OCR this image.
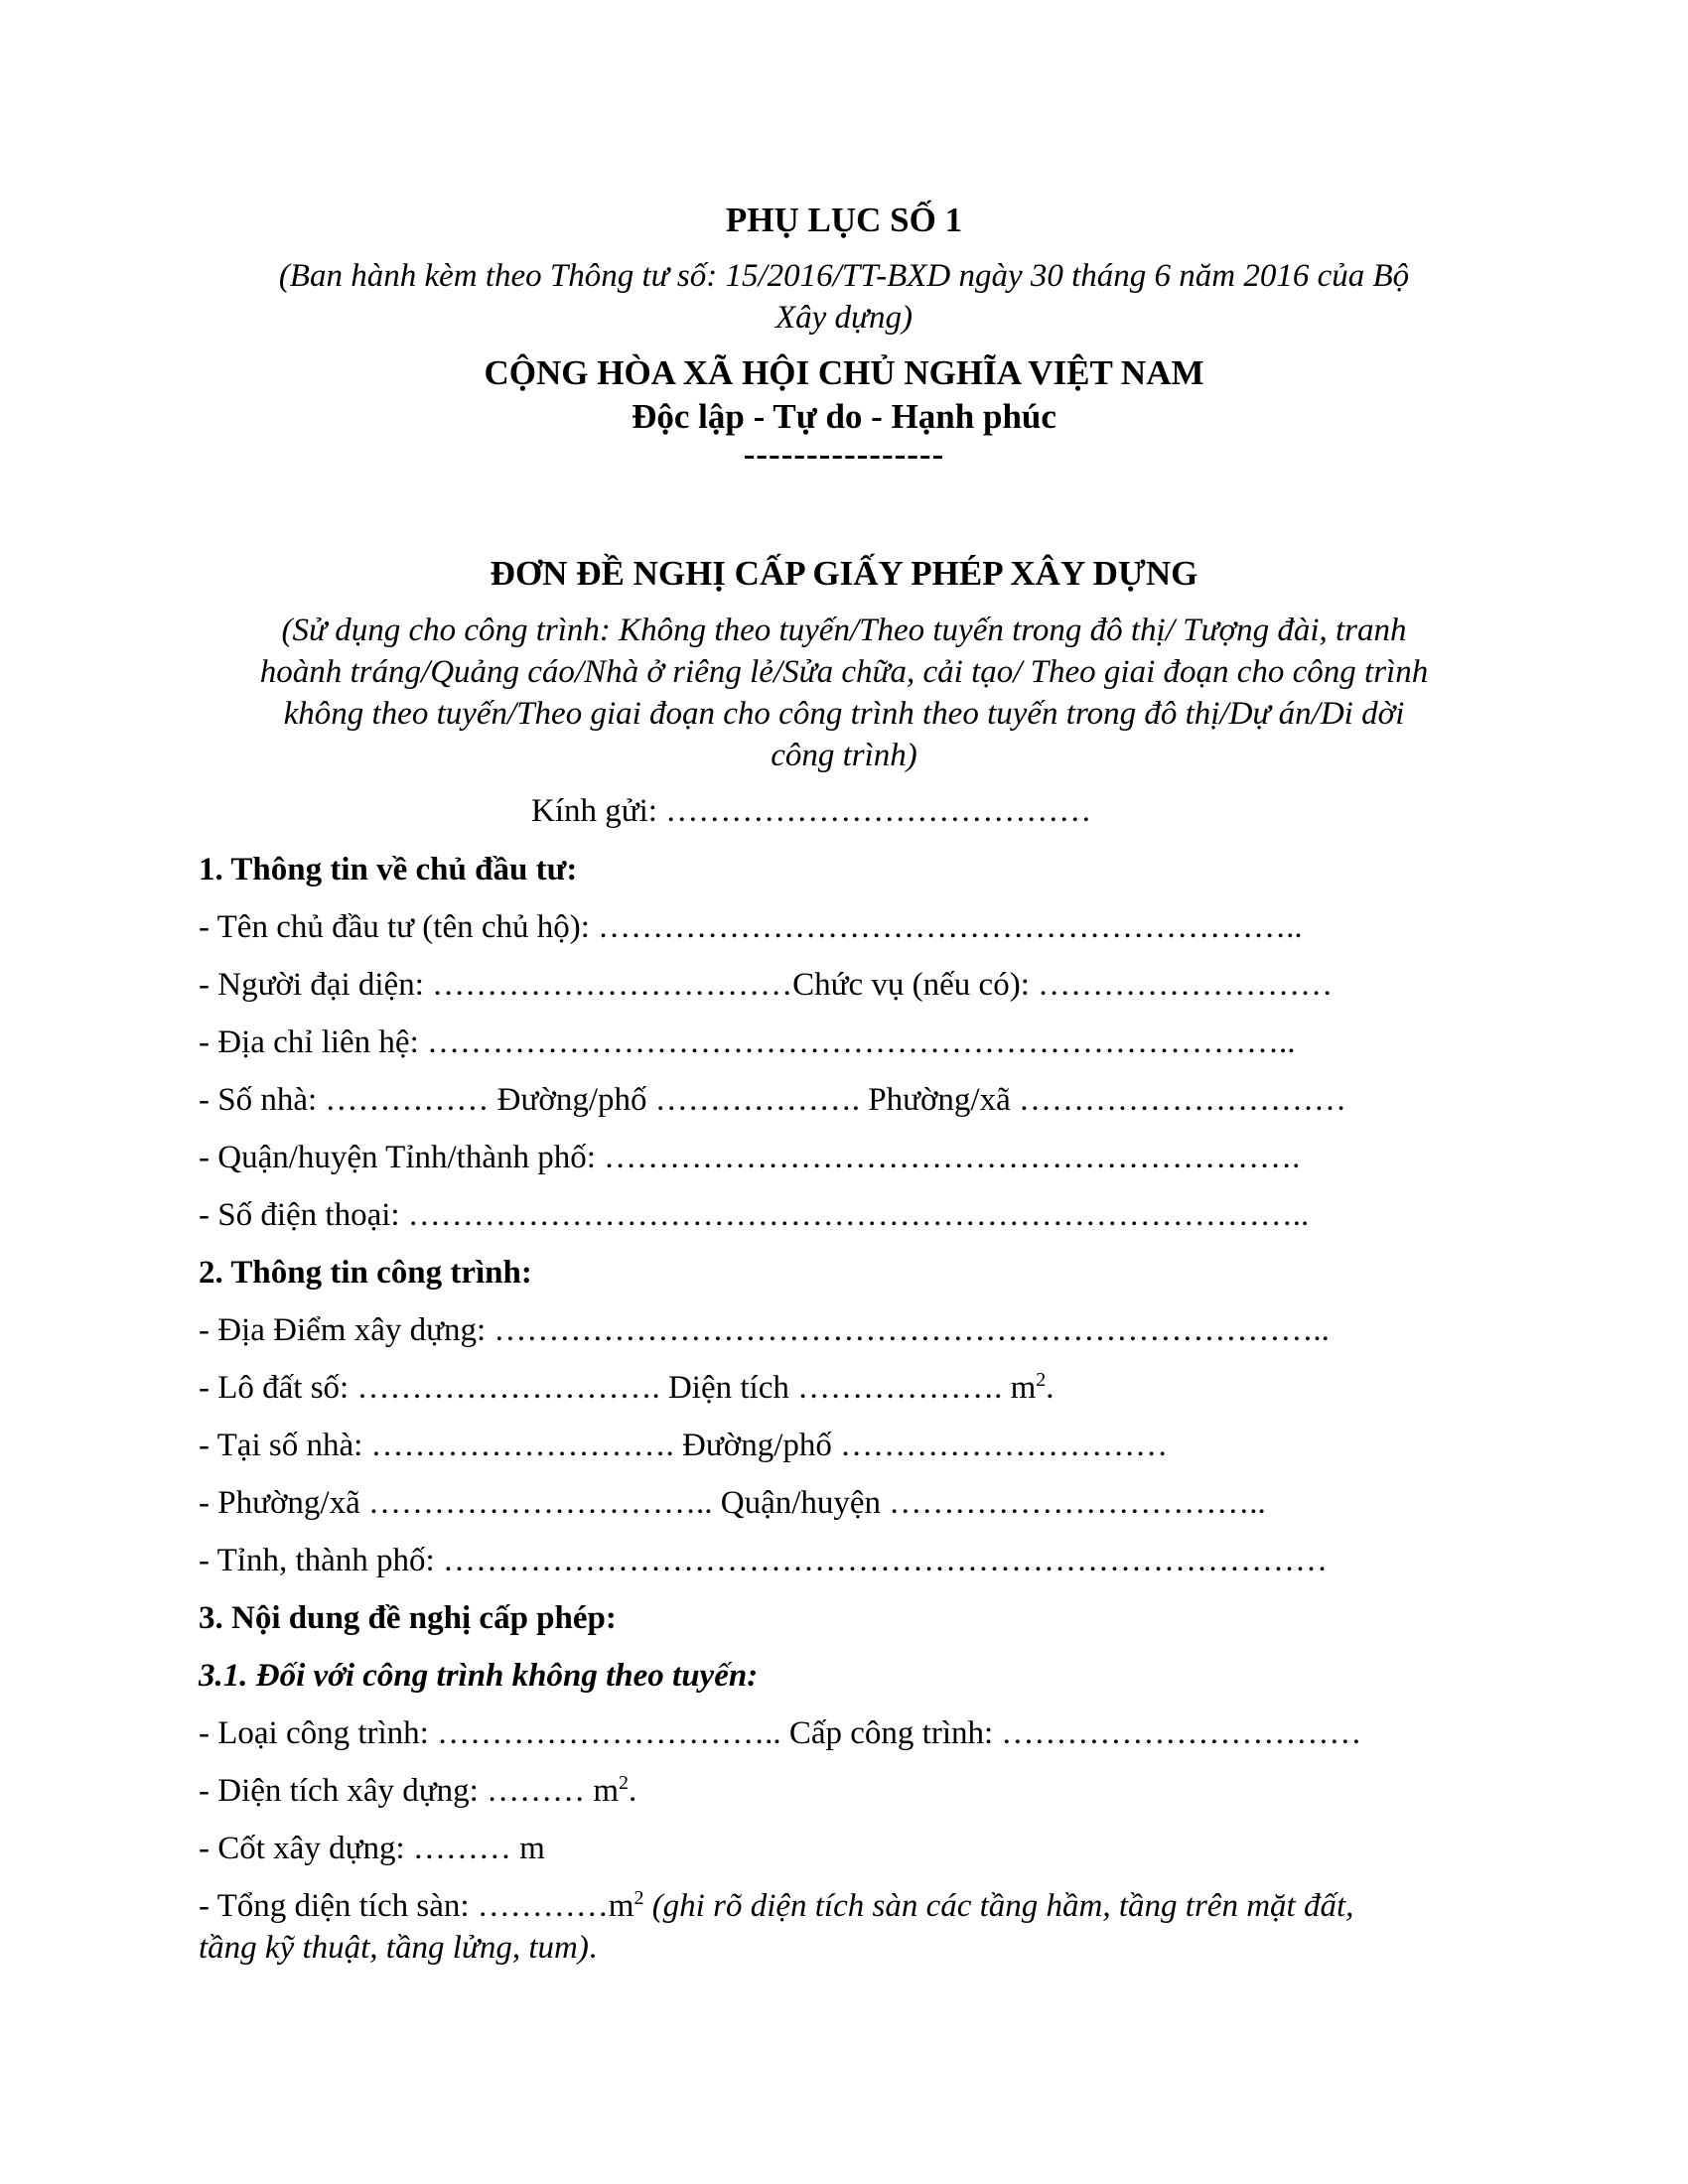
PHỤ LỤC SỐ 1
(Ban hành kèm theo Thông tư số: 15/2016/TT-BXD ngày 30 tháng 6 năm 2016 của Bộ
Xây dựng)
CỘNG HÒA XÃ HỘI CHỦ NGHĨA VIỆT NAM
Độc lập - Tự do - Hạnh phúc
----------------
ĐƠN ĐỀ NGHỊ CẤP GIẤY PHÉP XÂY DỰNG
(Sử dụng cho công trình: Không theo tuyến/Theo tuyến trong đô thị/ Tượng đài, tranh
hoành tráng/Quảng cáo/Nhà ở riêng lẻ/Sửa chữa, cải tạo/ Theo giai đoạn cho công trình
không theo tuyến/Theo giai đoạn cho công trình theo tuyến trong đô thị/Dự án/Di dời
công trình)
Kính gửi: …………………………………
1. Thông tin về chủ đầu tư:
- Tên chủ đầu tư (tên chủ hộ): ………………………………………………………..
- Người đại diện: ……………………………Chức vụ (nếu có): ………………………
- Địa chỉ liên hệ: ……………………………………………………………………..
- Số nhà: …………… Đường/phố ………………. Phường/xã …………………………
- Quận/huyện Tỉnh/thành phố: ……………………………………………………….
- Số điện thoại: ………………………………………………………………………..
2. Thông tin công trình:
- Địa Điểm xây dựng: …………………………………………………………………..
- Lô đất số: ………………………. Diện tích ………………. $m^2$.
- Tại số nhà: ………………………. Đường/phố …………………………
- Phường/xã ………………………….. Quận/huyện ……………………………..
- Tỉnh, thành phố: ………………………………………………………………………
3. Nội dung đề nghị cấp phép:
3.1. Đối với công trình không theo tuyến:
- Loại công trình: ………………………….. Cấp công trình: ……………………………
- Diện tích xây dựng: ……… $m^2$.
- Cốt xây dựng: ……… m
- Tổng diện tích sàn: $\dots\dots\dots\dots m^2$ (ghi rõ diện tích sàn các tầng hầm, tầng trên mặt đất,
tầng kỹ thuật, tầng lửng, tum).
